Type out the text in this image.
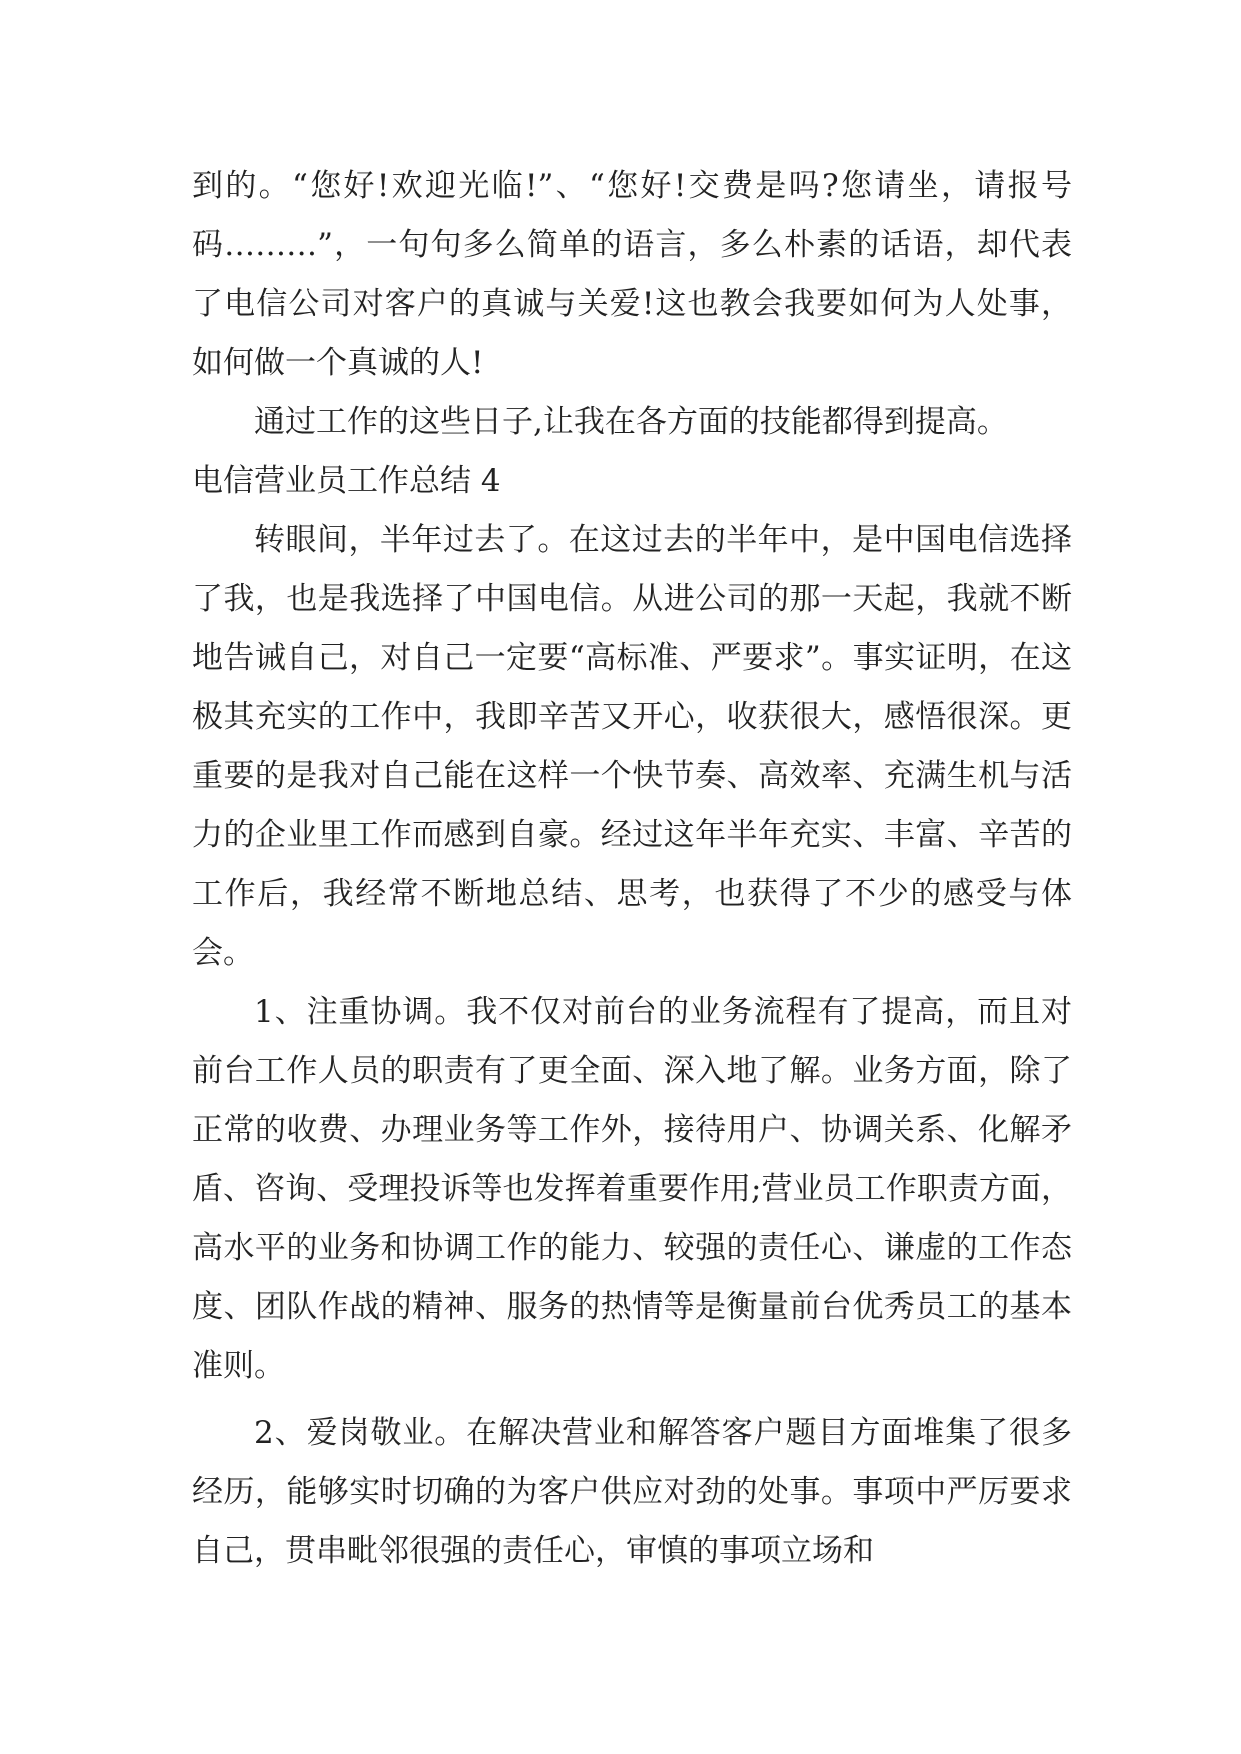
到的。“您好!欢迎光临!”、“您好!交费是吗?您请坐，请报号码………”，一句句多么简单的语言，多么朴素的话语，却代表了电信公司对客户的真诚与关爱!这也教会我要如何为人处事，如何做一个真诚的人!

通过工作的这些日子,让我在各方面的技能都得到提高。

电信营业员工作总结 4

转眼间，半年过去了。在这过去的半年中，是中国电信选择了我，也是我选择了中国电信。从进公司的那一天起，我就不断地告诫自己，对自己一定要“高标准、严要求”。事实证明，在这极其充实的工作中，我即辛苦又开心，收获很大，感悟很深。更重要的是我对自己能在这样一个快节奏、高效率、充满生机与活力的企业里工作而感到自豪。经过这年半年充实、丰富、辛苦的工作后，我经常不断地总结、思考，也获得了不少的感受与体会。

1、注重协调。我不仅对前台的业务流程有了提高，而且对前台工作人员的职责有了更全面、深入地了解。业务方面，除了正常的收费、办理业务等工作外，接待用户、协调关系、化解矛盾、咨询、受理投诉等也发挥着重要作用;营业员工作职责方面，高水平的业务和协调工作的能力、较强的责任心、谦虚的工作态度、团队作战的精神、服务的热情等是衡量前台优秀员工的基本准则。

2、爱岗敬业。在解决营业和解答客户题目方面堆集了很多经历，能够实时切确的为客户供应对劲的处事。事项中严厉要求自己，贯串毗邻很强的责任心，审慎的事项立场和
